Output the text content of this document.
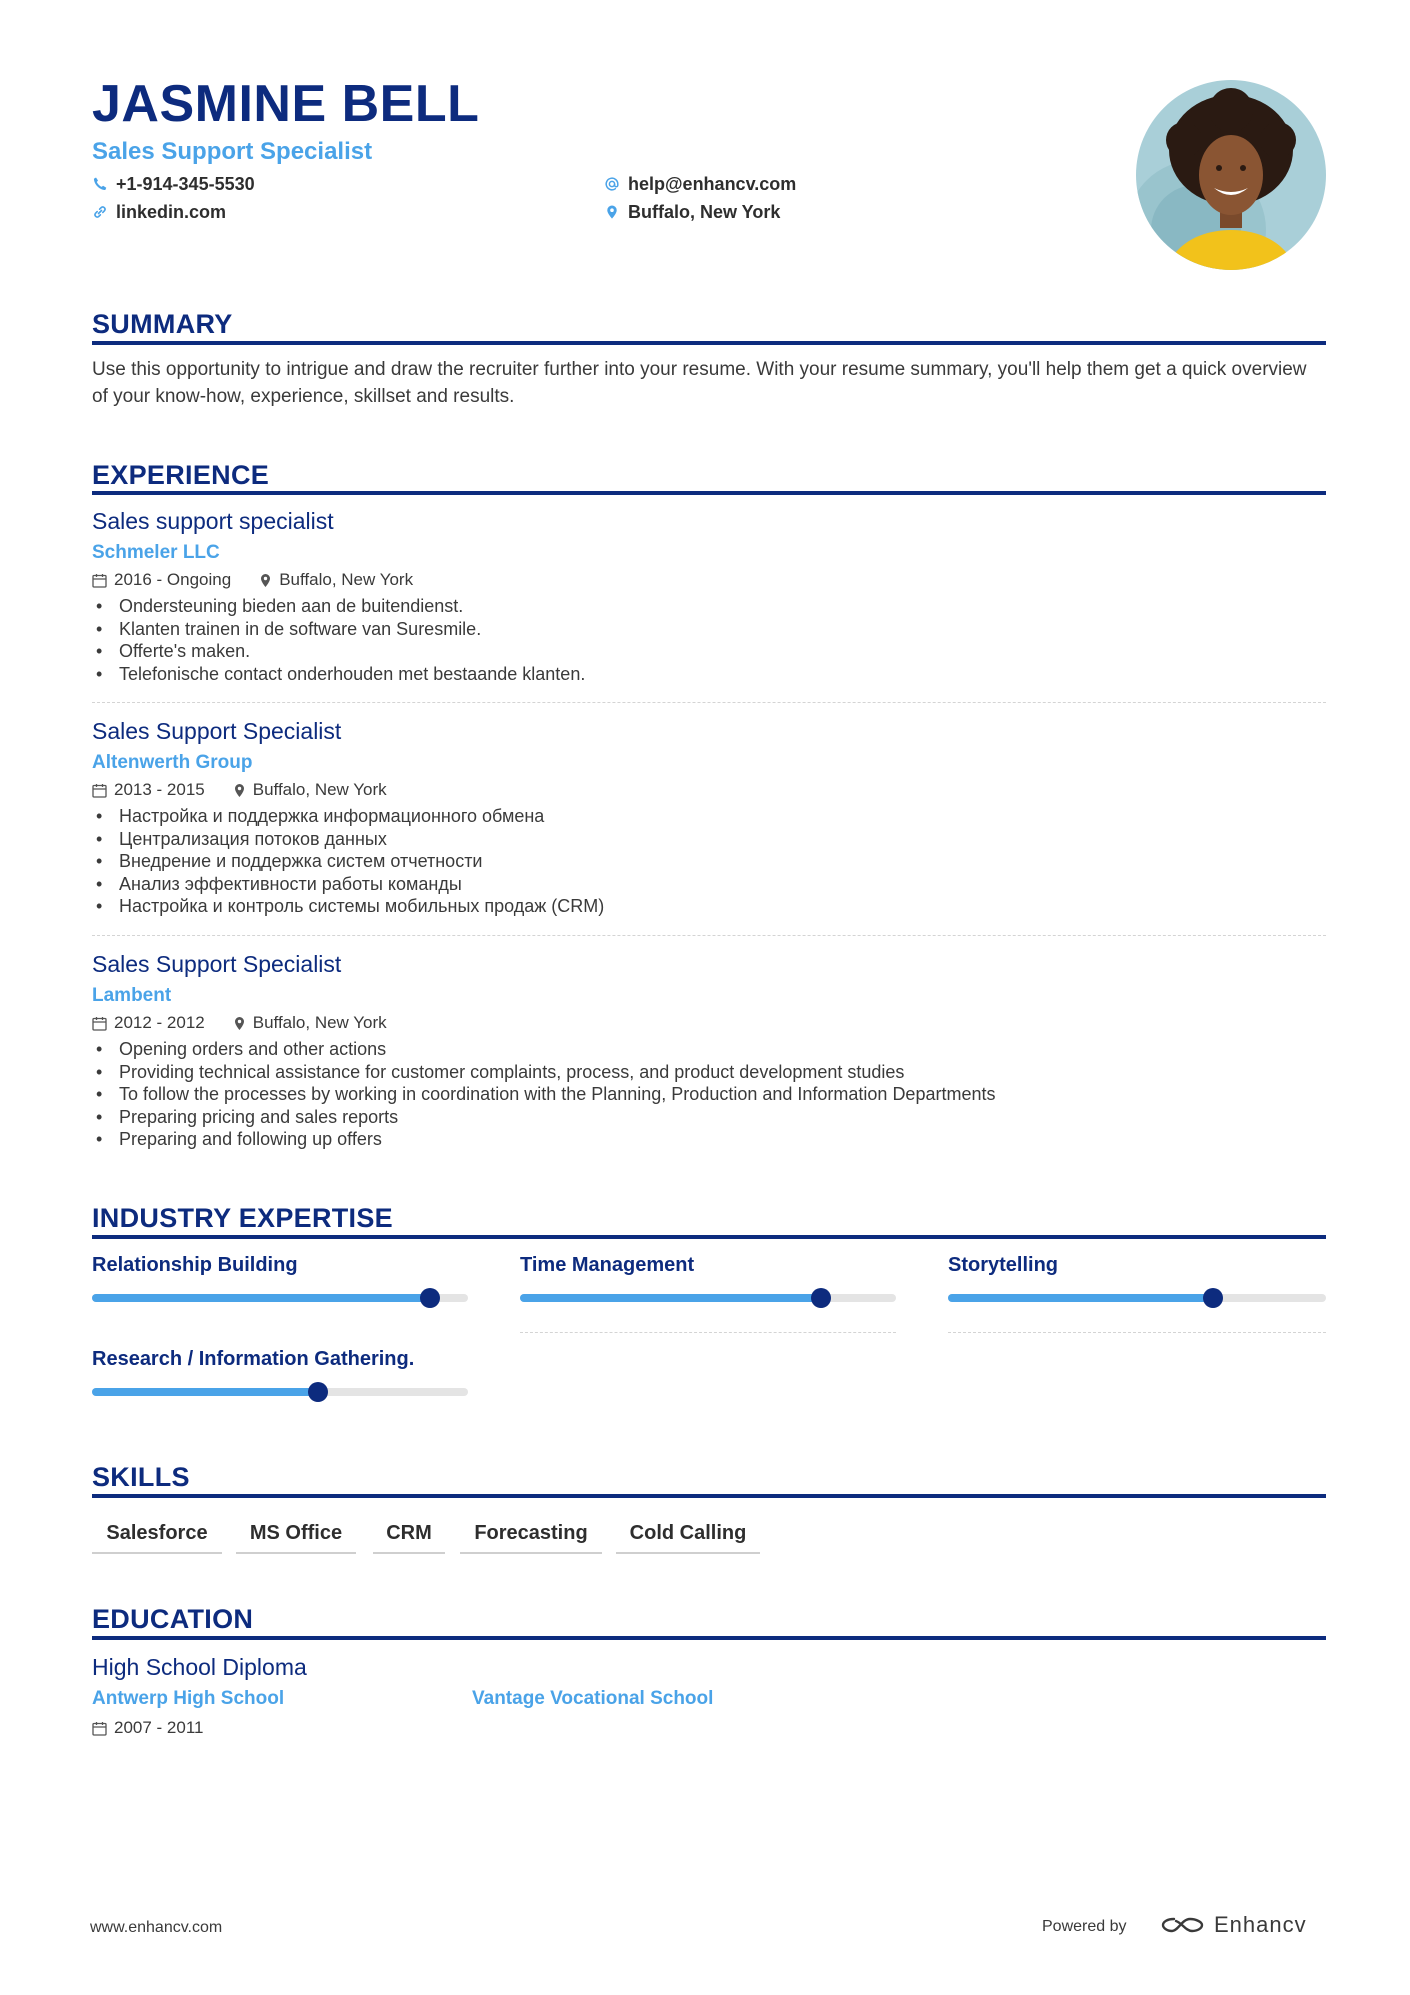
JASMINE BELL
Sales Support Specialist
+1-914-345-5530
linkedin.com
help@enhancv.com
Buffalo, New York
SUMMARY
Use this opportunity to intrigue and draw the recruiter further into your resume. With your resume summary, you'll help them get a quick overview of your know-how, experience, skillset and results.
EXPERIENCE
Sales support specialist
Schmeler LLC
2016 - Ongoing	Buffalo, New York
• Ondersteuning bieden aan de buitendienst.
• Klanten trainen in de software van Suresmile.
• Offerte's maken.
• Telefonische contact onderhouden met bestaande klanten.
Sales Support Specialist
Altenwerth Group
2013 - 2015	Buffalo, New York
• Настройка и поддержка информационного обмена
• Централизация потоков данных
• Внедрение и поддержка систем отчетности
• Анализ эффективности работы команды
• Настройка и контроль системы мобильных продаж (CRM)
Sales Support Specialist
Lambent
2012 - 2012	Buffalo, New York
• Opening orders and other actions
• Providing technical assistance for customer complaints, process, and product development studies
• To follow the processes by working in coordination with the Planning, Production and Information Departments
• Preparing pricing and sales reports
• Preparing and following up offers
INDUSTRY EXPERTISE
Relationship Building	Time Management	Storytelling
Research / Information Gathering.
SKILLS
Salesforce	MS Office	CRM	Forecasting	Cold Calling
EDUCATION
High School Diploma
Antwerp High School	Vantage Vocational School
2007 - 2011
www.enhancv.com	Powered by	Enhancv
